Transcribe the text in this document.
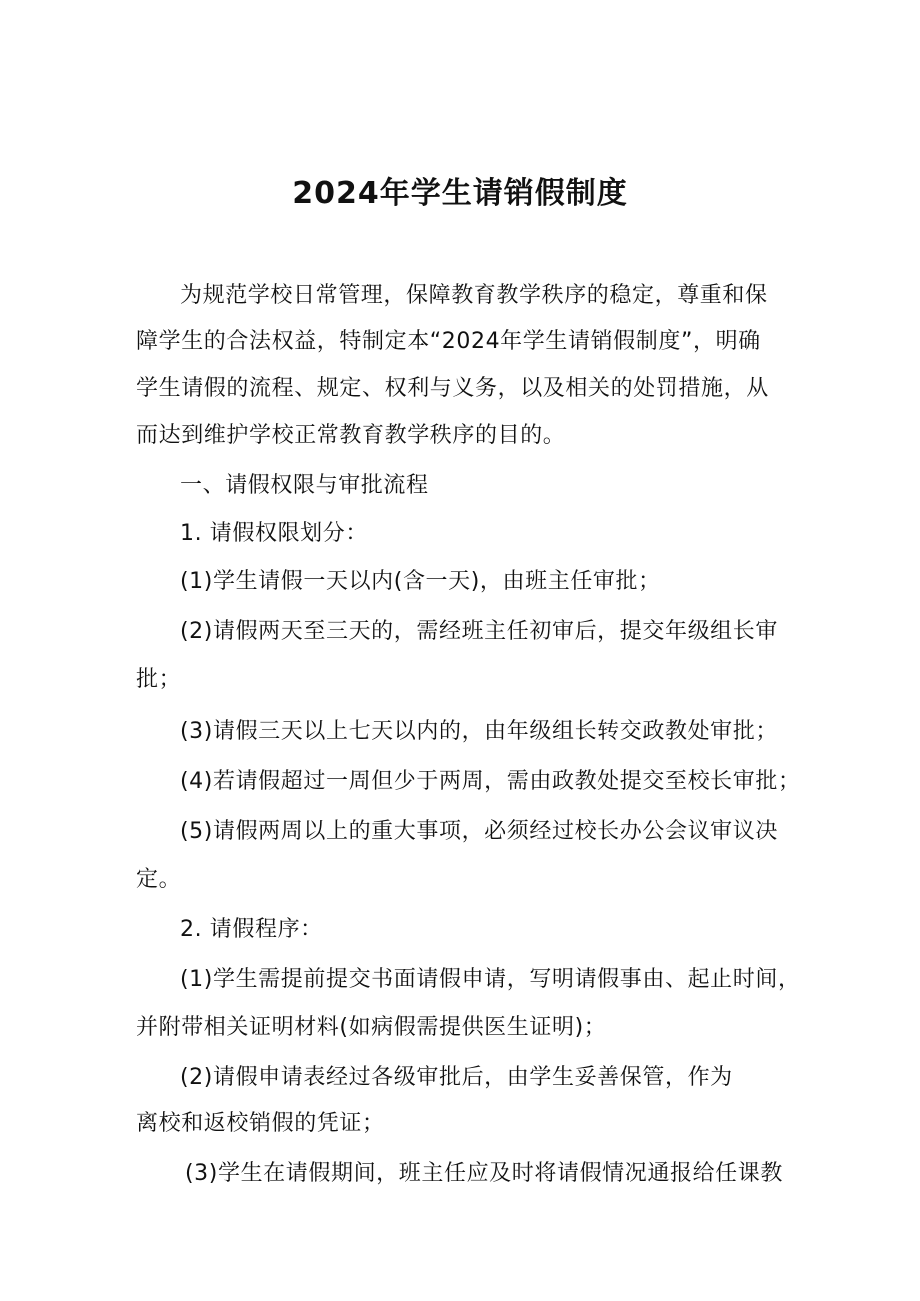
2024年学生请销假制度
为规范学校日常管理，保障教育教学秩序的稳定，尊重和保
障学生的合法权益，特制定本“2024年学生请销假制度”，明确
学生请假的流程、规定、权利与义务，以及相关的处罚措施，从
而达到维护学校正常教育教学秩序的目的。
一、请假权限与审批流程
1. 请假权限划分：
(1)学生请假一天以内(含一天)，由班主任审批；
(2)请假两天至三天的，需经班主任初审后，提交年级组长审
批；
(3)请假三天以上七天以内的，由年级组长转交政教处审批；
(4)若请假超过一周但少于两周，需由政教处提交至校长审批；
(5)请假两周以上的重大事项，必须经过校长办公会议审议决
定。
2. 请假程序：
(1)学生需提前提交书面请假申请，写明请假事由、起止时间，
并附带相关证明材料(如病假需提供医生证明)；
(2)请假申请表经过各级审批后，由学生妥善保管，作为
离校和返校销假的凭证；
(3)学生在请假期间，班主任应及时将请假情况通报给任课教
